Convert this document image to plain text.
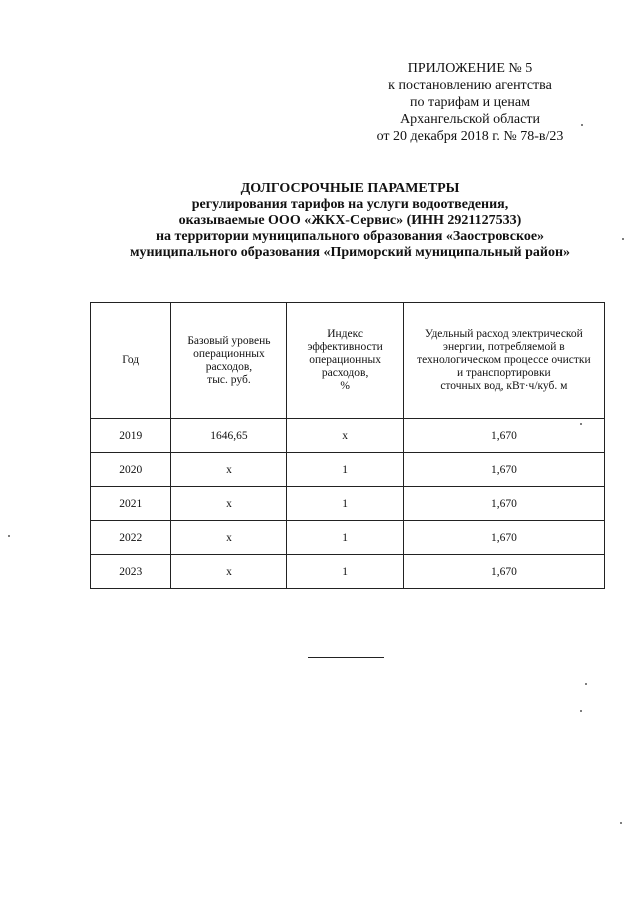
ПРИЛОЖЕНИЕ № 5
к постановлению агентства
по тарифам и ценам
Архангельской области
от 20 декабря 2018 г. № 78-в/23
ДОЛГОСРОЧНЫЕ ПАРАМЕТРЫ
регулирования тарифов на услуги водоотведения,
оказываемые ООО «ЖКХ-Сервис» (ИНН 2921127533)
на территории муниципального образования «Заостровское»
муниципального образования «Приморский муниципальный район»
Год	Базовый уровень
операционных
расходов,
тыс. руб.	Индекс
эффективности
операционных
расходов,
%	Удельный расход электрической
энергии, потребляемой в
технологическом процессе очистки
и транспортировки
сточных вод, кВт·ч/куб. м
2019	1646,65	x	1,670
2020	x	1	1,670
2021	x	1	1,670
2022	x	1	1,670
2023	x	1	1,670
